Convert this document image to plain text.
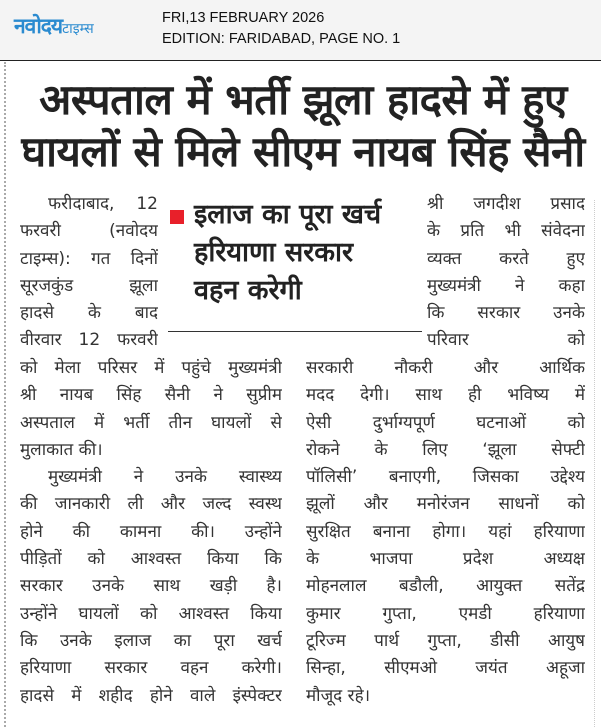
नवोदयटाइम्स
FRI,13 FEBRUARY 2026
EDITION: FARIDABAD, PAGE NO. 1
अस्पताल में भर्ती झूला हादसे में हुए
घायलों से मिले सीएम नायब सिंह सैनी
इलाज का पूरा खर्च
हरियाणा सरकार
वहन करेगी
फरीदाबाद, 12
फरवरी (नवोदय
टाइम्स): गत दिनों
सूरजकुंड झूला
हादसे के बाद
वीरवार 12 फरवरी
श्री जगदीश प्रसाद
के प्रति भी संवेदना
व्यक्त करते हुए
मुख्यमंत्री ने कहा
कि सरकार उनके
परिवार को
को मेला परिसर में पहुंचे मुख्यमंत्री
श्री नायब सिंह सैनी ने सुप्रीम
अस्पताल में भर्ती तीन घायलों से
मुलाकात की।
मुख्यमंत्री ने उनके स्वास्थ्य
की जानकारी ली और जल्द स्वस्थ
होने की कामना की। उन्होंने
पीड़ितों को आश्वस्त किया कि
सरकार उनके साथ खड़ी है।
उन्होंने घायलों को आश्वस्त किया
कि उनके इलाज का पूरा खर्च
हरियाणा सरकार वहन करेगी।
हादसे में शहीद होने वाले इंस्पेक्टर
सरकारी नौकरी और आर्थिक
मदद देगी। साथ ही भविष्य में
ऐसी दुर्भाग्यपूर्ण घटनाओं को
रोकने के लिए ‘झूला सेफ्टी
पॉलिसी’ बनाएगी, जिसका उद्देश्य
झूलों और मनोरंजन साधनों को
सुरक्षित बनाना होगा। यहां हरियाणा
के भाजपा प्रदेश अध्यक्ष
मोहनलाल बडौली, आयुक्त सतेंद्र
कुमार गुप्ता, एमडी हरियाणा
टूरिज्म पार्थ गुप्ता, डीसी आयुष
सिन्हा, सीएमओ जयंत अहूजा
मौजूद रहे।
